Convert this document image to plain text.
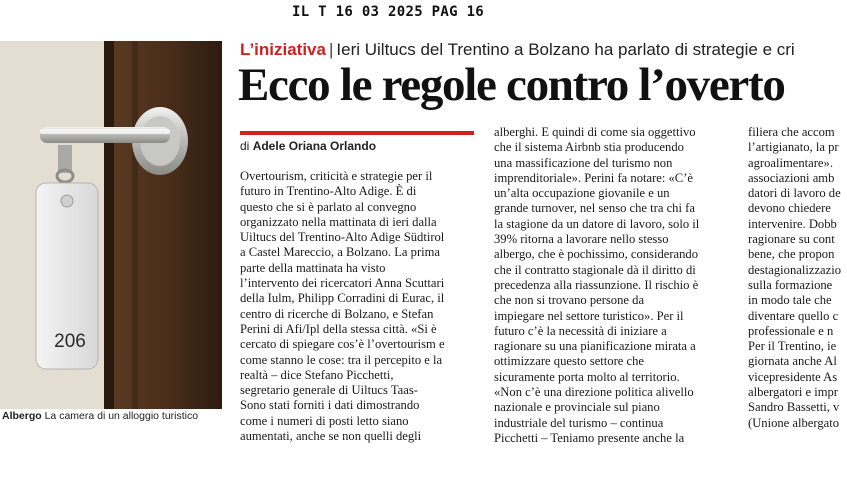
IL T 16 03 2025 PAG 16
206
Albergo La camera di un alloggio turistico
L’iniziativa | Ieri Uiltucs del Trentino a Bolzano ha parlato di strategie e cri
Ecco le regole contro l’overto
di Adele Oriana Orlando
Overtourism, criticità e strategie per il
futuro in Trentino-Alto Adige. È di
questo che si è parlato al convegno
organizzato nella mattinata di ieri dalla
Uiltucs del Trentino-Alto Adige Südtirol
a Castel Mareccio, a Bolzano. La prima
parte della mattinata ha visto
l’intervento dei ricercatori Anna Scuttari
della Iulm, Philipp Corradini di Eurac, il
centro di ricerche di Bolzano, e Stefan
Perini di Afi/Ipl della stessa città. «Si è
cercato di spiegare cos’è l’overtourism e
come stanno le cose: tra il percepito e la
realtà – dice Stefano Picchetti,
segretario generale di Uiltucs Taas-
Sono stati forniti i dati dimostrando
come i numeri di posti letto siano
aumentati, anche se non quelli degli
alberghi. E quindi di come sia oggettivo
che il sistema Airbnb stia producendo
una massificazione del turismo non
imprenditoriale». Perini fa notare: «C’è
un’alta occupazione giovanile e un
grande turnover, nel senso che tra chi fa
la stagione da un datore di lavoro, solo il
39% ritorna a lavorare nello stesso
albergo, che è pochissimo, considerando
che il contratto stagionale dà il diritto di
precedenza alla riassunzione. Il rischio è
che non si trovano persone da
impiegare nel settore turistico». Per il
futuro c’è la necessità di iniziare a
ragionare su una pianificazione mirata a
ottimizzare questo settore che
sicuramente porta molto al territorio.
«Non c’è una direzione politica alivello
nazionale e provinciale sul piano
industriale del turismo – continua
Picchetti – Teniamo presente anche la
filiera che accom
l’artigianato, la pr
agroalimentare».
associazioni amb
datori di lavoro de
devono chiedere
intervenire. Dobb
ragionare su cont
bene, che propon
destagionalizzazio
sulla formazione
in modo tale che
diventare quello c
professionale e n
Per il Trentino, ie
giornata anche Al
vicepresidente As
albergatori e impr
Sandro Bassetti, v
(Unione albergato
